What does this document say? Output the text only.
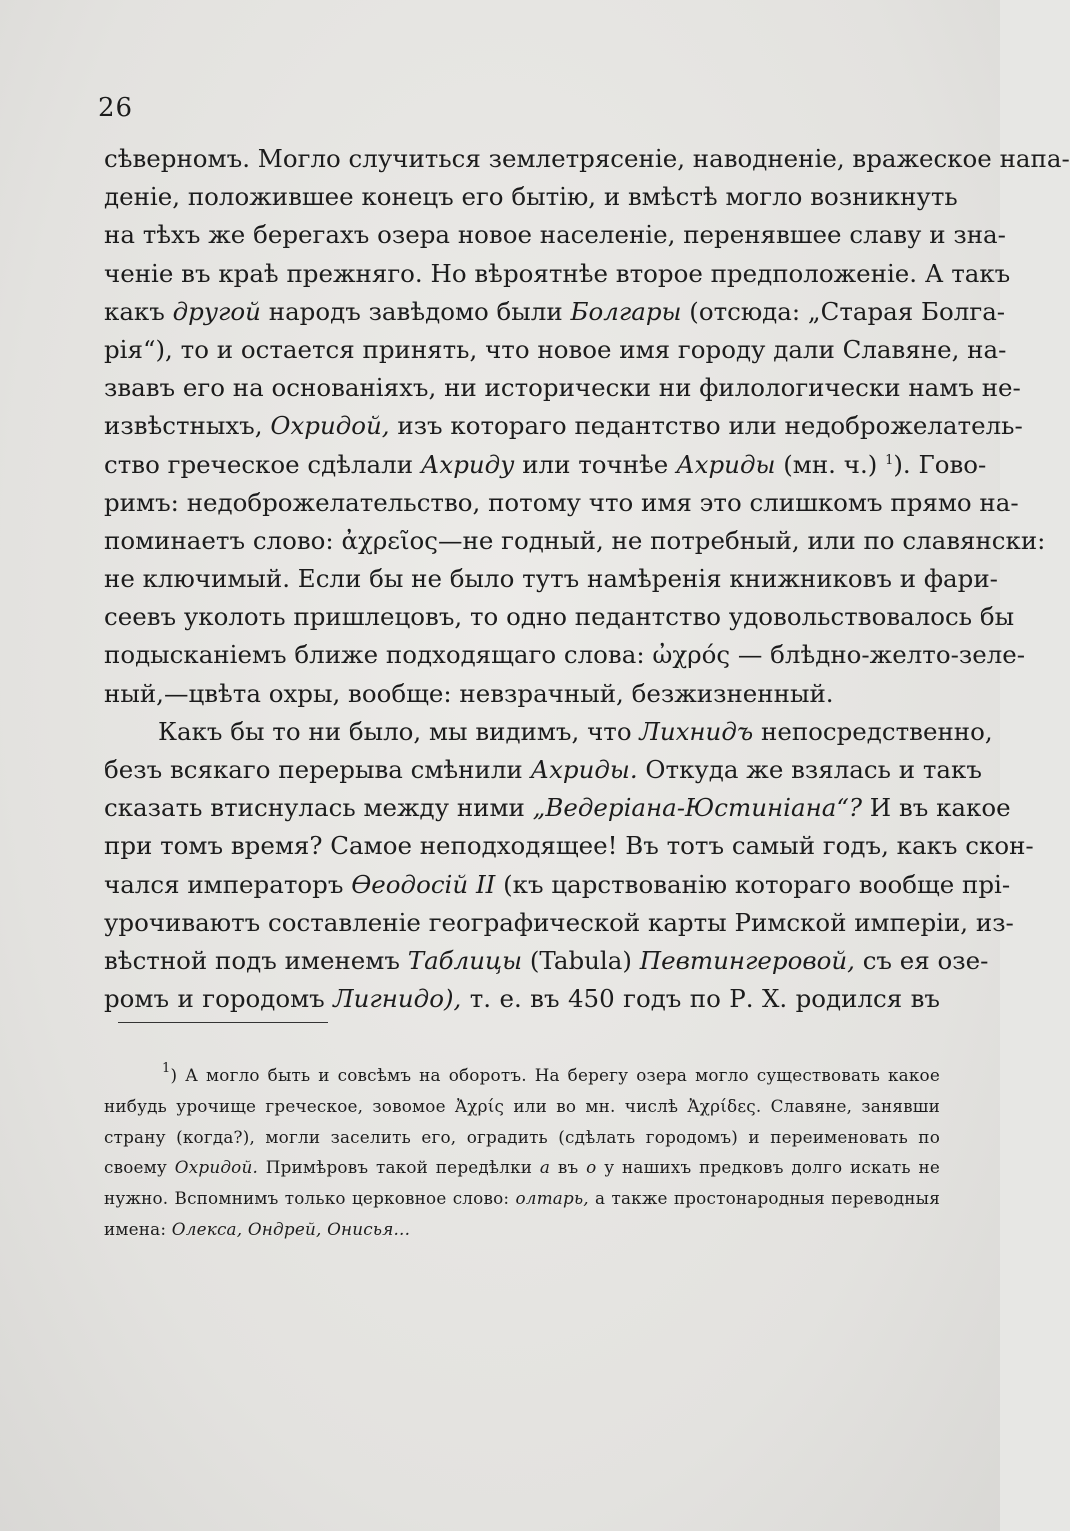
26
сѣверномъ. Могло случиться землетрясеніе, наводненіе, вражеское напа-
деніе, положившее конецъ его бытію, и вмѣстѣ могло возникнуть
на тѣхъ же берегахъ озера новое населеніе, перенявшее славу и зна-
ченіе въ краѣ прежняго. Но вѣроятнѣе второе предположеніе. А такъ
какъ другой народъ завѣдомо были Болгары (отсюда: „Старая Болга-
рія“), то и остается принять, что новое имя городу дали Славяне, на-
звавъ его на основаніяхъ, ни исторически ни филологически намъ не-
извѣстныхъ, Охридой, изъ котораго педантство или недоброжелатель-
ство греческое сдѣлали Ахриду или точнѣе Ахриды (мн. ч.) $^1$). Гово-
римъ: недоброжелательство, потому что имя это слишкомъ прямо на-
поминаетъ слово: ἀχρεῖος—не годный, не потребный, или по славянски:
не ключимый. Если бы не было тутъ намѣренія книжниковъ и фари-
сеевъ уколоть пришлецовъ, то одно педантство удовольствовалось бы
подысканіемъ ближе подходящаго слова: ὠχρός — блѣдно-желто-зеле-
ный,—цвѣта охры, вообще: невзрачный, безжизненный.
Какъ бы то ни было, мы видимъ, что Лихнидъ непосредственно,
безъ всякаго перерыва смѣнили Ахриды. Откуда же взялась и такъ
сказать втиснулась между ними „Ведеріана-Юстиніана“? И въ какое
при томъ время? Самое неподходящее! Въ тотъ самый годъ, какъ скон-
чался императоръ Ѳеодосій II (къ царствованію котораго вообще прі-
урочиваютъ составленіе географической карты Римской имперіи, из-
вѣстной подъ именемъ Таблицы (Tabula) Певтингеровой, съ ея озе-
ромъ и городомъ Лигнидо), т. е. въ 450 годъ по Р. Х. родился въ
$^1$) А могло быть и совсѣмъ на оборотъ. На берегу озера могло существовать какое
нибудь урочище греческое, зовомое Ἀχρίς или во мн. числѣ Ἀχρίδες. Славяне, занявши
страну (когда?), могли заселить его, оградить (сдѣлать городомъ) и переименовать по
своему Охридой. Примѣровъ такой передѣлки а въ о у нашихъ предковъ долго искать не
нужно. Вспомнимъ только церковное слово: олтарь, а также простонародныя переводныя
имена: Олекса, Ондрей, Онисья...
